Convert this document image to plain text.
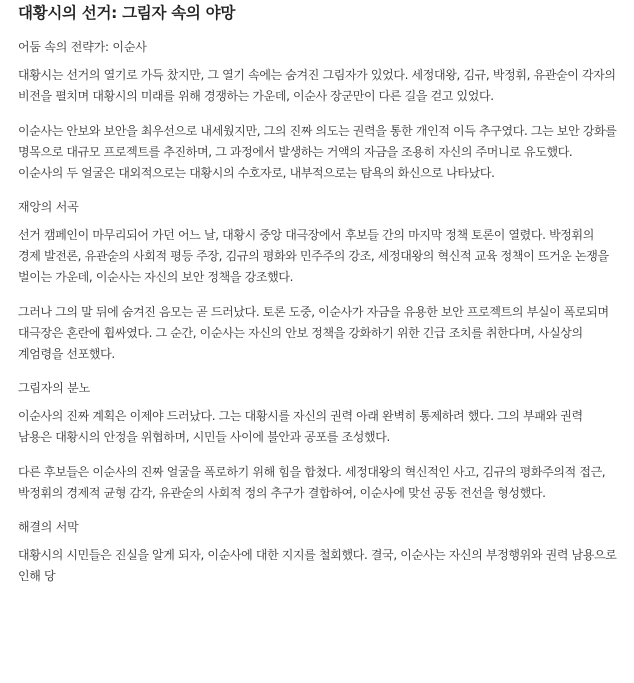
대황시의 선거: 그림자 속의 야망
어둠 속의 전략가: 이순사

대황시는 선거의 열기로 가득 찼지만, 그 열기 속에는 숨겨진 그림자가 있었다. 세정대왕, 김규, 박정휘, 유관숟이 각자의 비전을 펼치며 대황시의 미래를 위해 경쟁하는 가운데, 이순사 장군만이 다른 길을 걷고 있었다.

이순사는 안보와 보안을 최우선으로 내세웠지만, 그의 진짜 의도는 권력을 통한 개인적 이득 추구였다. 그는 보안 강화를 명목으로 대규모 프로젝트를 추진하며, 그 과정에서 발생하는 거액의 자금을 조용히 자신의 주머니로 유도했다. 이순사의 두 얼굴은 대외적으로는 대황시의 수호자로, 내부적으로는 탐욕의 화신으로 나타났다.

재앙의 서곡

선거 캠페인이 마무리되어 가던 어느 날, 대황시 중앙 대극장에서 후보들 간의 마지막 정책 토론이 열렸다. 박정휘의 경제 발전론, 유관숟의 사회적 평등 주장, 김규의 평화와 민주주의 강조, 세정대왕의 혁신적 교육 정책이 뜨거운 논쟁을 벌이는 가운데, 이순사는 자신의 보안 정책을 강조했다.

그러나 그의 말 뒤에 숨겨진 음모는 곧 드러났다. 토론 도중, 이순사가 자금을 유용한 보안 프로젝트의 부실이 폭로되며 대극장은 혼란에 휩싸였다. 그 순간, 이순사는 자신의 안보 정책을 강화하기 위한 긴급 조치를 취한다며, 사실상의 계엄령을 선포했다.

그림자의 분노

이순사의 진짜 계획은 이제야 드러났다. 그는 대황시를 자신의 권력 아래 완벽히 통제하려 했다. 그의 부패와 권력 남용은 대황시의 안정을 위협하며, 시민들 사이에 불안과 공포를 조성했다.

다른 후보들은 이순사의 진짜 얼굴을 폭로하기 위해 힘을 합쳤다. 세정대왕의 혁신적인 사고, 김규의 평화주의적 접근, 박정휘의 경제적 균형 감각, 유관숟의 사회적 정의 추구가 결합하여, 이순사에 맞선 공동 전선을 형성했다.

해결의 서막

대황시의 시민들은 진실을 알게 되자, 이순사에 대한 지지를 철회했다. 결국, 이순사는 자신의 부정행위와 권력 남용으로 인해 당
